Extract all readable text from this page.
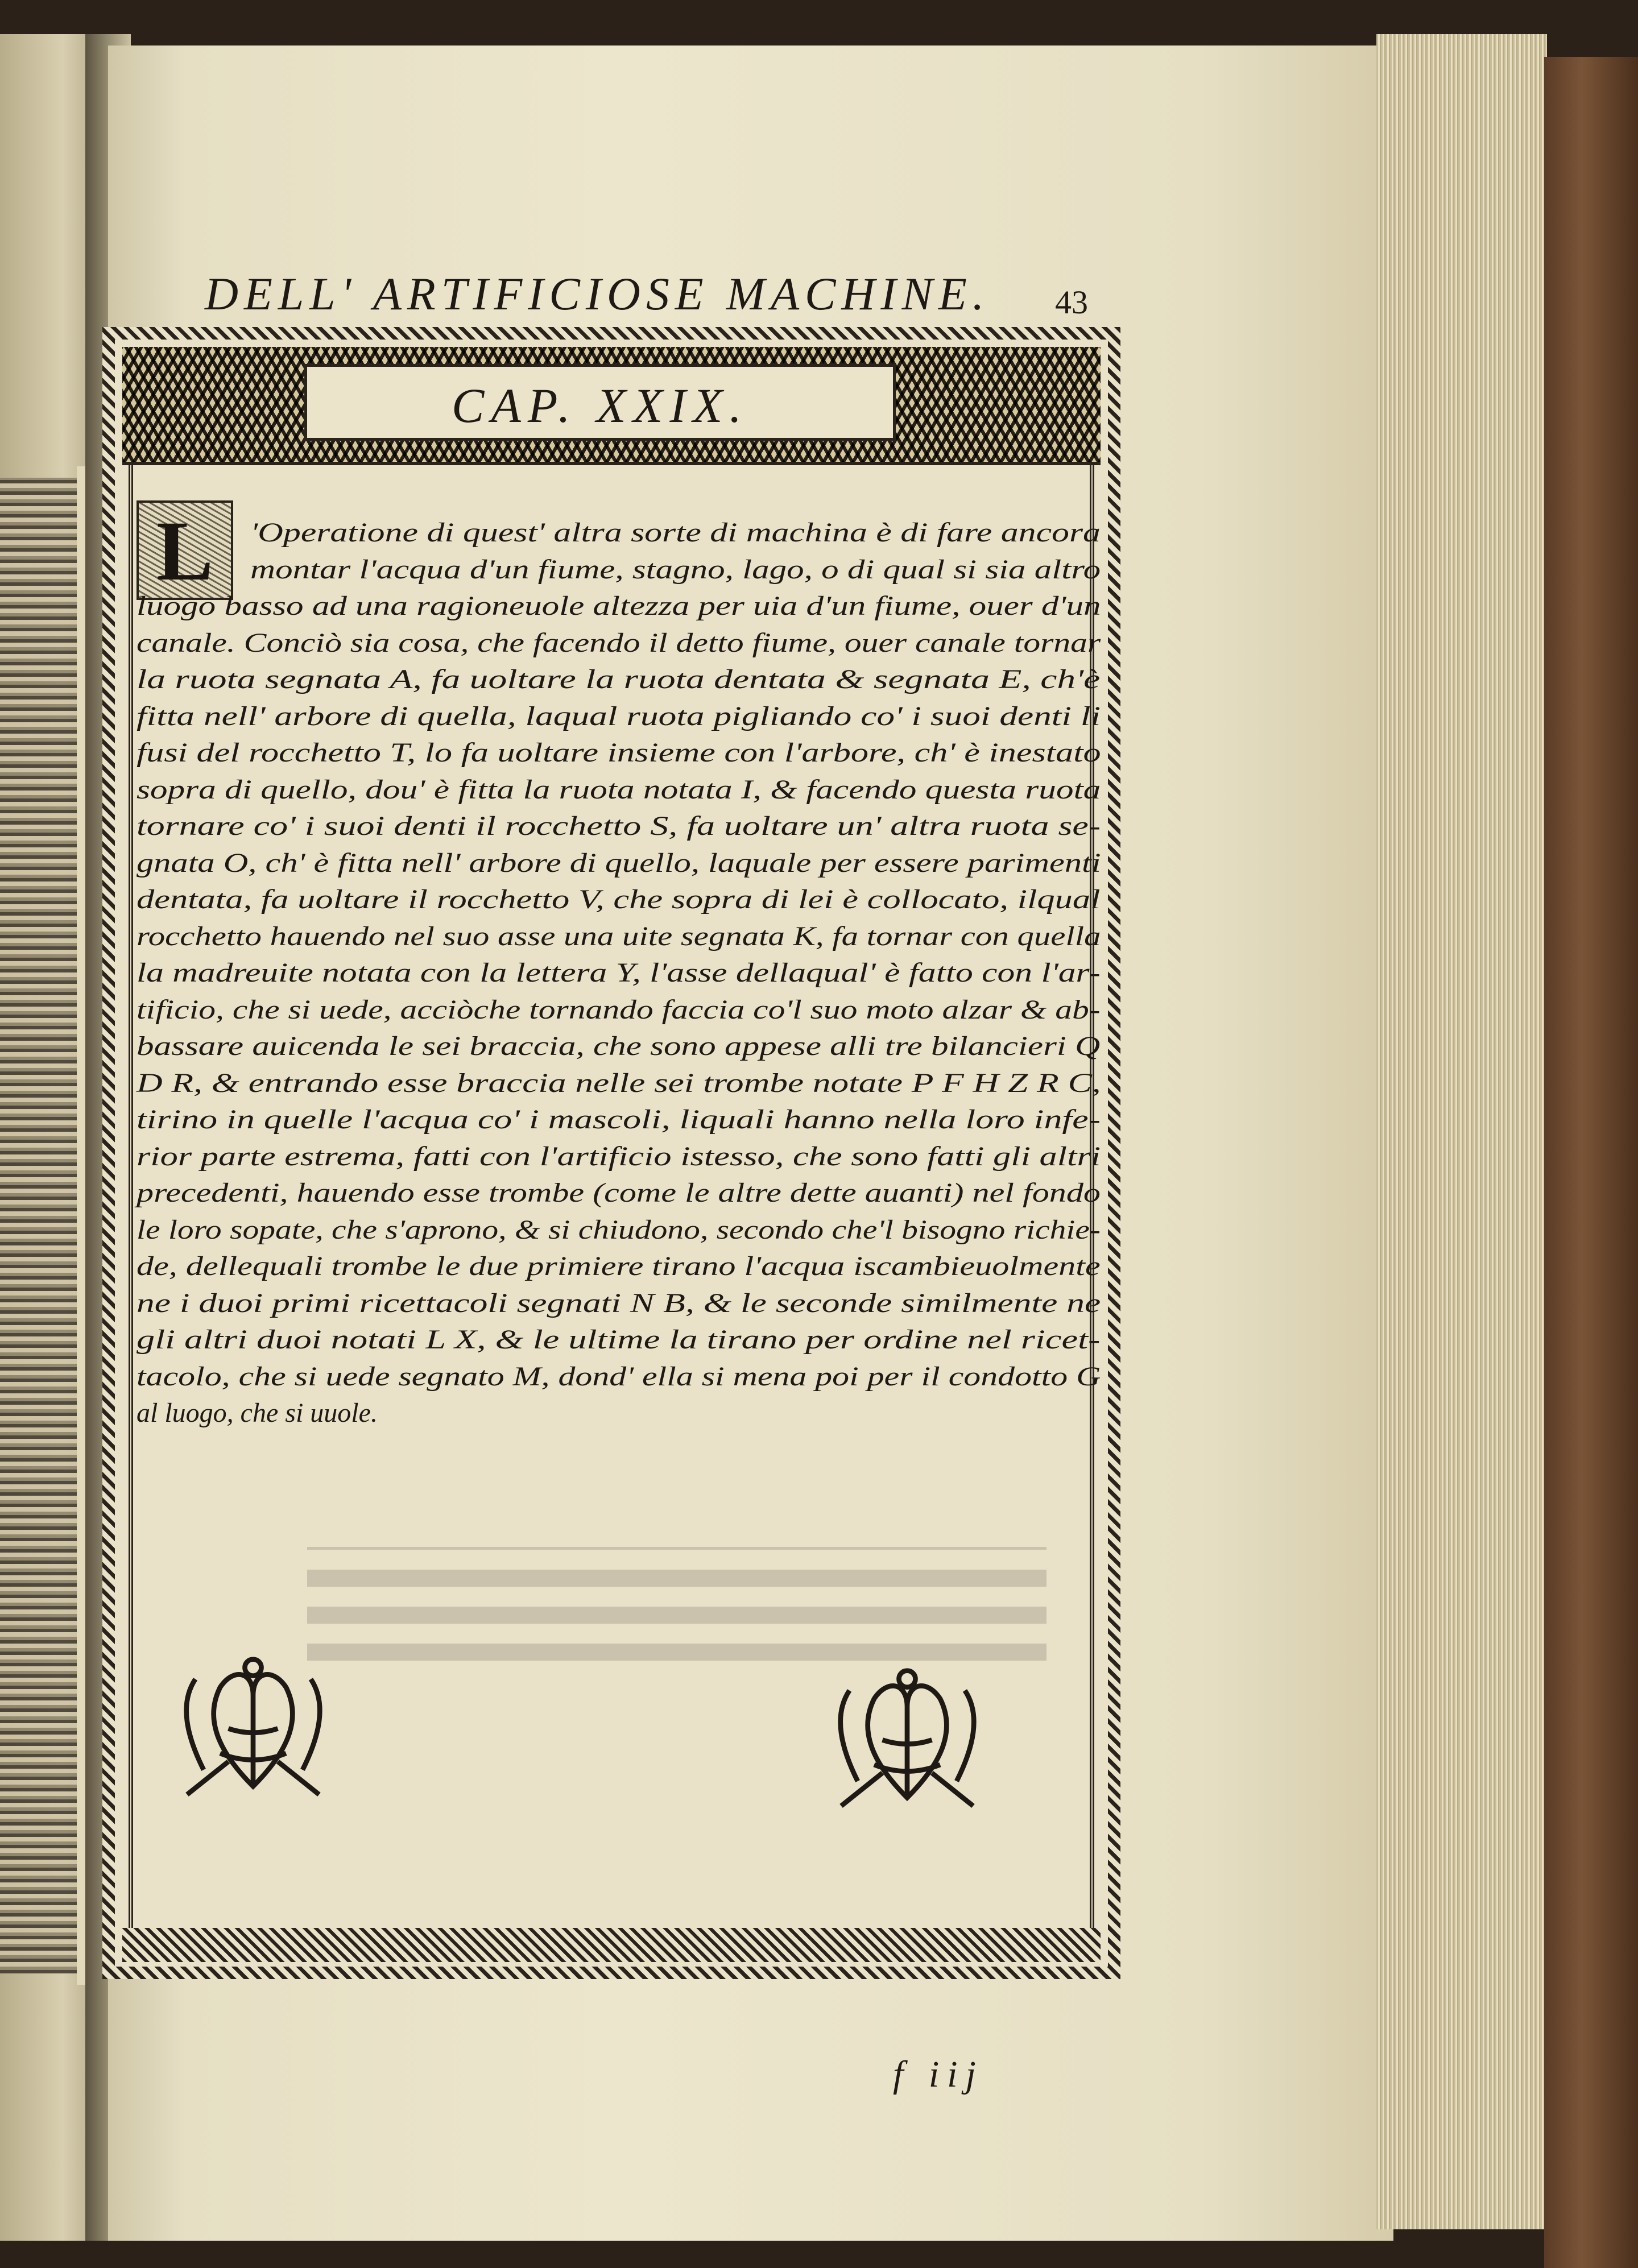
DELL' ARTIFICIOSE MACHINE. 43
CAP. XXIX.
L	'Operatione di quest' altra sorte di machina è di fare ancora
montar l'acqua d'un fiume, stagno, lago, o di qual si sia altro
luogo basso ad una ragioneuole altezza per uia d'un fiume, ouer d'un
canale. Conciò sia cosa, che facendo il detto fiume, ouer canale tornar
la ruota segnata A, fa uoltare la ruota dentata & segnata E, ch'è
fitta nell' arbore di quella, laqual ruota pigliando co' i suoi denti li
fusi del rocchetto T, lo fa uoltare insieme con l'arbore, ch' è inestato
sopra di quello, dou' è fitta la ruota notata I, & facendo questa ruota
tornare co' i suoi denti il rocchetto S, fa uoltare un' altra ruota se-
gnata O, ch' è fitta nell' arbore di quello, laquale per essere parimenti
dentata, fa uoltare il rocchetto V, che sopra di lei è collocato, ilqual
rocchetto hauendo nel suo asse una uite segnata K, fa tornar con quella
la madreuite notata con la lettera Y, l'asse dellaqual' è fatto con l'ar-
tificio, che si uede, acciòche tornando faccia co'l suo moto alzar & ab-
bassare auicenda le sei braccia, che sono appese alli tre bilancieri Q
D R, & entrando esse braccia nelle sei trombe notate P F H Z R C,
tirino in quelle l'acqua co' i mascoli, liquali hanno nella loro infe-
rior parte estrema, fatti con l'artificio istesso, che sono fatti gli altri
precedenti, hauendo esse trombe (come le altre dette auanti) nel fondo
le loro sopate, che s'aprono, & si chiudono, secondo che'l bisogno richie-
de, dellequali trombe le due primiere tirano l'acqua iscambieuolmente
ne i duoi primi ricettacoli segnati N B, & le seconde similmente ne
gli altri duoi notati L X, & le ultime la tirano per ordine nel ricet-
tacolo, che si uede segnato M, dond' ella si mena poi per il condotto G
al luogo, che si uuole.
f iij
